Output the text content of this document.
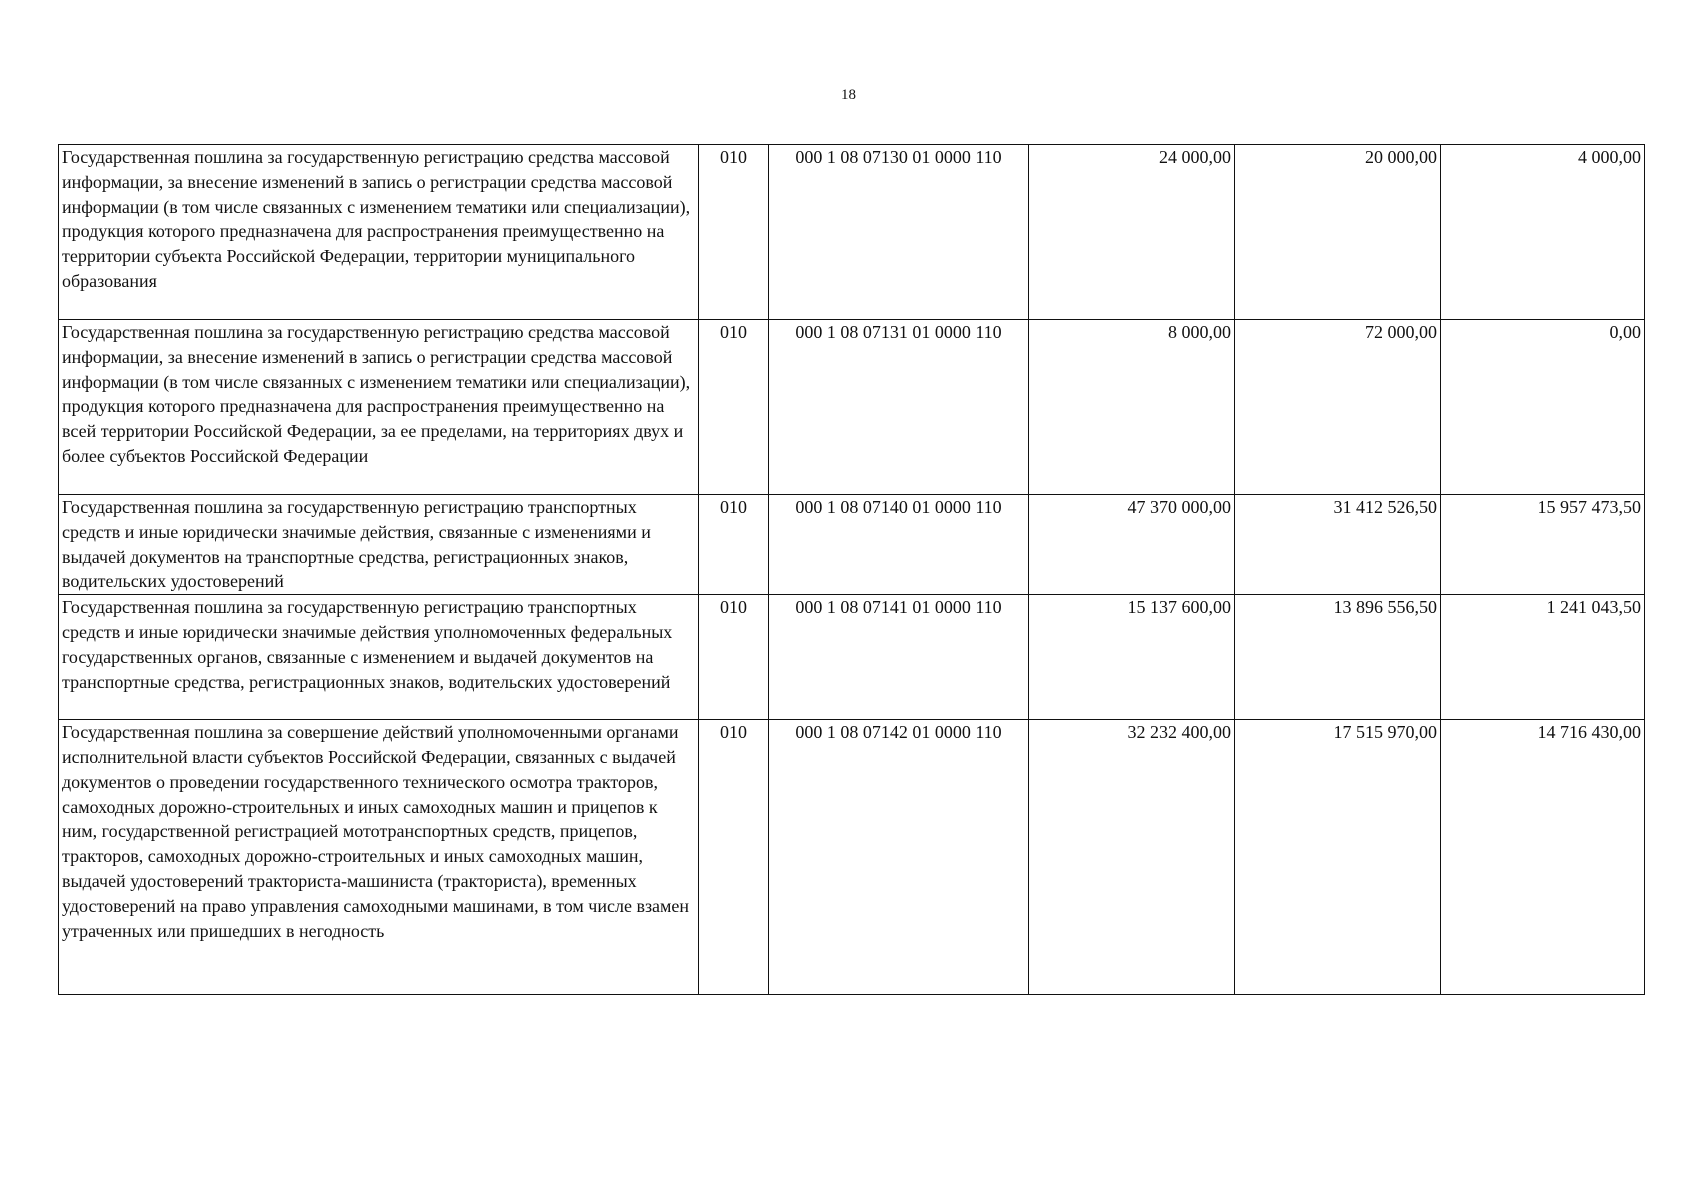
18
Государственная пошлина за государственную регистрацию средства массовой информации, за внесение изменений в запись о регистрации средства массовой информации (в том числе связанных с изменением тематики или специализации), продукция которого предназначена для распространения преимущественно на территории субъекта Российской Федерации, территории муниципального образования	010	000 1 08 07130 01 0000 110	24 000,00	20 000,00	4 000,00
Государственная пошлина за государственную регистрацию средства массовой информации, за внесение изменений в запись о регистрации средства массовой информации (в том числе связанных с изменением тематики или специализации), продукция которого предназначена для распространения преимущественно на всей территории Российской Федерации, за ее пределами, на территориях двух и более субъектов Российской Федерации	010	000 1 08 07131 01 0000 110	8 000,00	72 000,00	0,00
Государственная пошлина за государственную регистрацию транспортных средств и иные юридически значимые действия, связанные с изменениями и выдачей документов на транспортные средства, регистрационных знаков, водительских удостоверений	010	000 1 08 07140 01 0000 110	47 370 000,00	31 412 526,50	15 957 473,50
Государственная пошлина за государственную регистрацию транспортных средств и иные юридически значимые действия уполномоченных федеральных государственных органов, связанные с изменением и выдачей документов на транспортные средства, регистрационных знаков, водительских удостоверений	010	000 1 08 07141 01 0000 110	15 137 600,00	13 896 556,50	1 241 043,50
Государственная пошлина за совершение действий уполномоченными органами исполнительной власти субъектов Российской Федерации, связанных с выдачей документов о проведении государственного технического осмотра тракторов, самоходных дорожно-строительных и иных самоходных машин и прицепов к ним, государственной регистрацией мототранспортных средств, прицепов, тракторов, самоходных дорожно-строительных и иных самоходных машин, выдачей удостоверений тракториста-машиниста (тракториста), временных удостоверений на право управления самоходными машинами, в том числе взамен утраченных или пришедших в негодность	010	000 1 08 07142 01 0000 110	32 232 400,00	17 515 970,00	14 716 430,00
